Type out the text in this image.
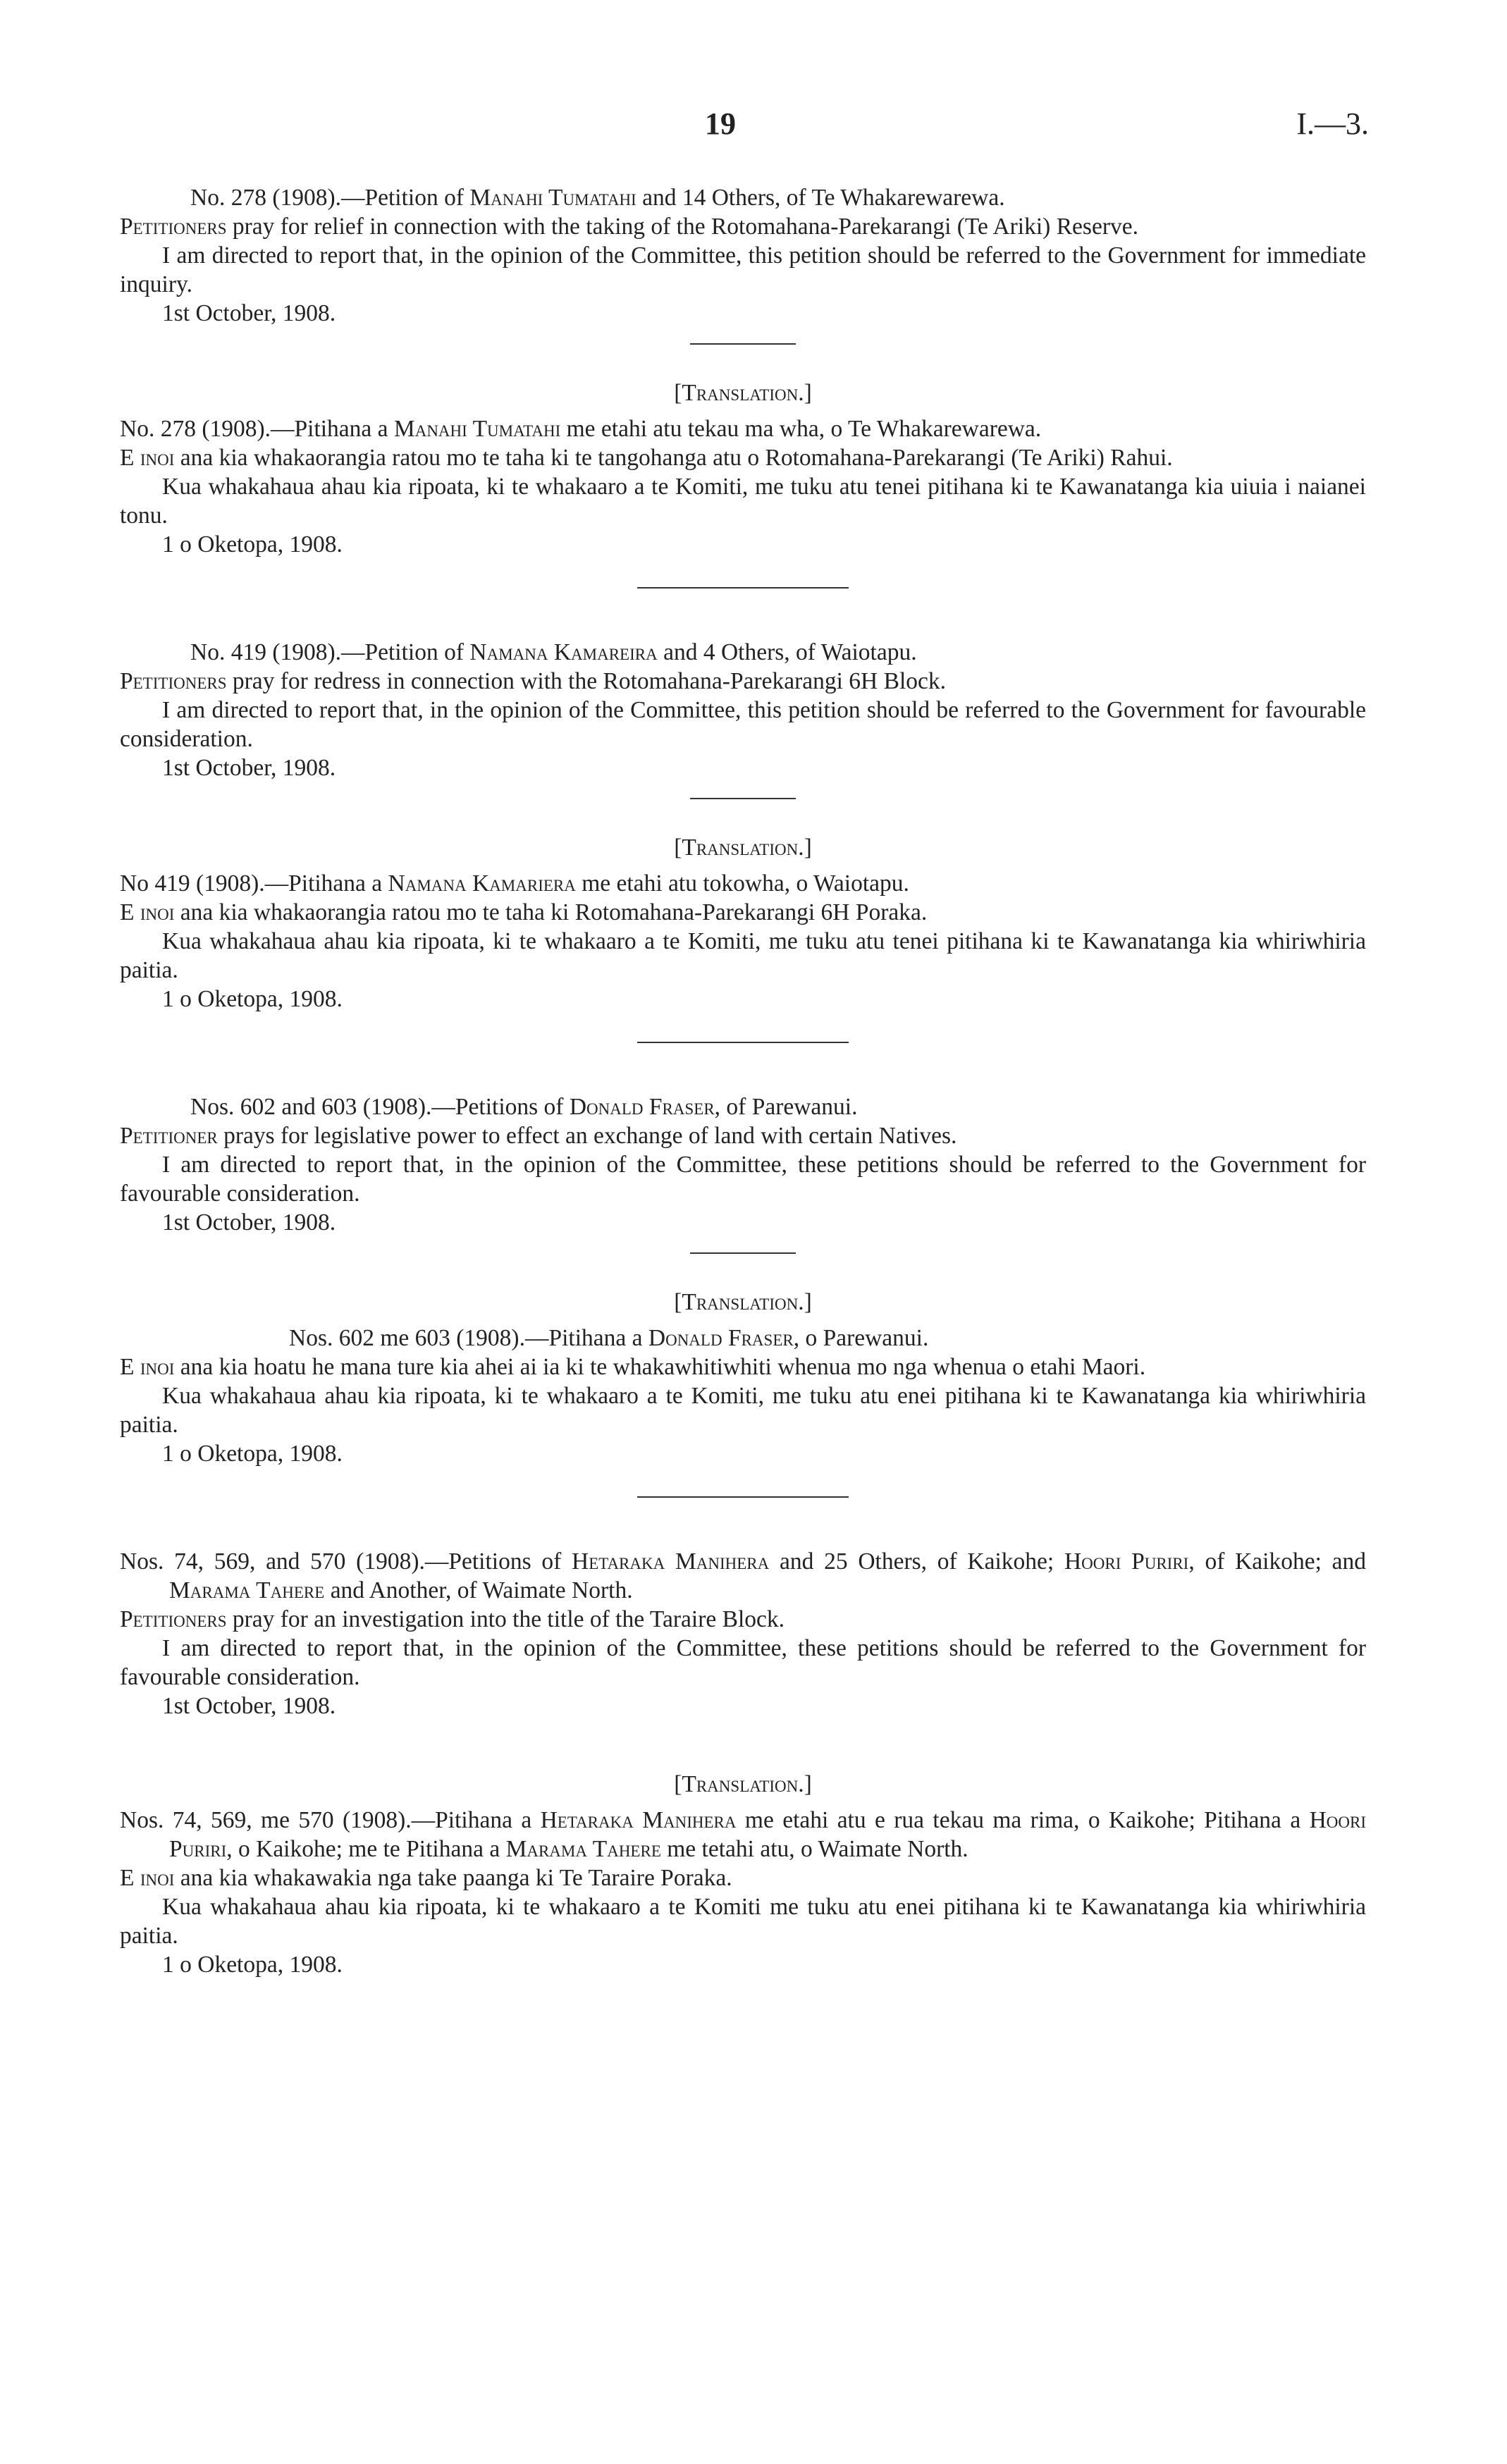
19	I.—3.

No. 278 (1908).—Petition of Manahi Tumatahi and 14 Others, of Te Whakarewarewa.

Petitioners pray for relief in connection with the taking of the Rotomahana-Parekarangi (Te Ariki) Reserve.

I am directed to report that, in the opinion of the Committee, this petition should be referred to the Government for immediate inquiry.

1st October, 1908.

[Translation.]

No. 278 (1908).—Pitihana a Manahi Tumatahi me etahi atu tekau ma wha, o Te Whakarewarewa.

E inoi ana kia whakaorangia ratou mo te taha ki te tangohanga atu o Rotomahana-Parekarangi (Te Ariki) Rahui.

Kua whakahaua ahau kia ripoata, ki te whakaaro a te Komiti, me tuku atu tenei pitihana ki te Kawanatanga kia uiuia i naianei tonu.

1 o Oketopa, 1908.

No. 419 (1908).—Petition of Namana Kamareira and 4 Others, of Waiotapu.

Petitioners pray for redress in connection with the Rotomahana-Parekarangi 6H Block.

I am directed to report that, in the opinion of the Committee, this petition should be referred to the Government for favourable consideration.

1st October, 1908.

[Translation.]

No 419 (1908).—Pitihana a Namana Kamariera me etahi atu tokowha, o Waiotapu.

E inoi ana kia whakaorangia ratou mo te taha ki Rotomahana-Parekarangi 6H Poraka.

Kua whakahaua ahau kia ripoata, ki te whakaaro a te Komiti, me tuku atu tenei pitihana ki te Kawanatanga kia whiriwhiria paitia.

1 o Oketopa, 1908.

Nos. 602 and 603 (1908).—Petitions of Donald Fraser, of Parewanui.

Petitioner prays for legislative power to effect an exchange of land with certain Natives.

I am directed to report that, in the opinion of the Committee, these petitions should be referred to the Government for favourable consideration.

1st October, 1908.

[Translation.]

Nos. 602 me 603 (1908).—Pitihana a Donald Fraser, o Parewanui.

E inoi ana kia hoatu he mana ture kia ahei ai ia ki te whakawhitiwhiti whenua mo nga whenua o etahi Maori.

Kua whakahaua ahau kia ripoata, ki te whakaaro a te Komiti, me tuku atu enei pitihana ki te Kawanatanga kia whiriwhiria paitia.

1 o Oketopa, 1908.

Nos. 74, 569, and 570 (1908).—Petitions of Hetaraka Manihera and 25 Others, of Kaikohe; Hoori Puriri, of Kaikohe; and Marama Tahere and Another, of Waimate North.

Petitioners pray for an investigation into the title of the Taraire Block.

I am directed to report that, in the opinion of the Committee, these petitions should be referred to the Government for favourable consideration.

1st October, 1908.

[Translation.]

Nos. 74, 569, me 570 (1908).—Pitihana a Hetaraka Manihera me etahi atu e rua tekau ma rima, o Kaikohe; Pitihana a Hoori Puriri, o Kaikohe; me te Pitihana a Marama Tahere me tetahi atu, o Waimate North.

E inoi ana kia whakawakia nga take paanga ki Te Taraire Poraka.

Kua whakahaua ahau kia ripoata, ki te whakaaro a te Komiti me tuku atu enei pitihana ki te Kawanatanga kia whiriwhiria paitia.

1 o Oketopa, 1908.
